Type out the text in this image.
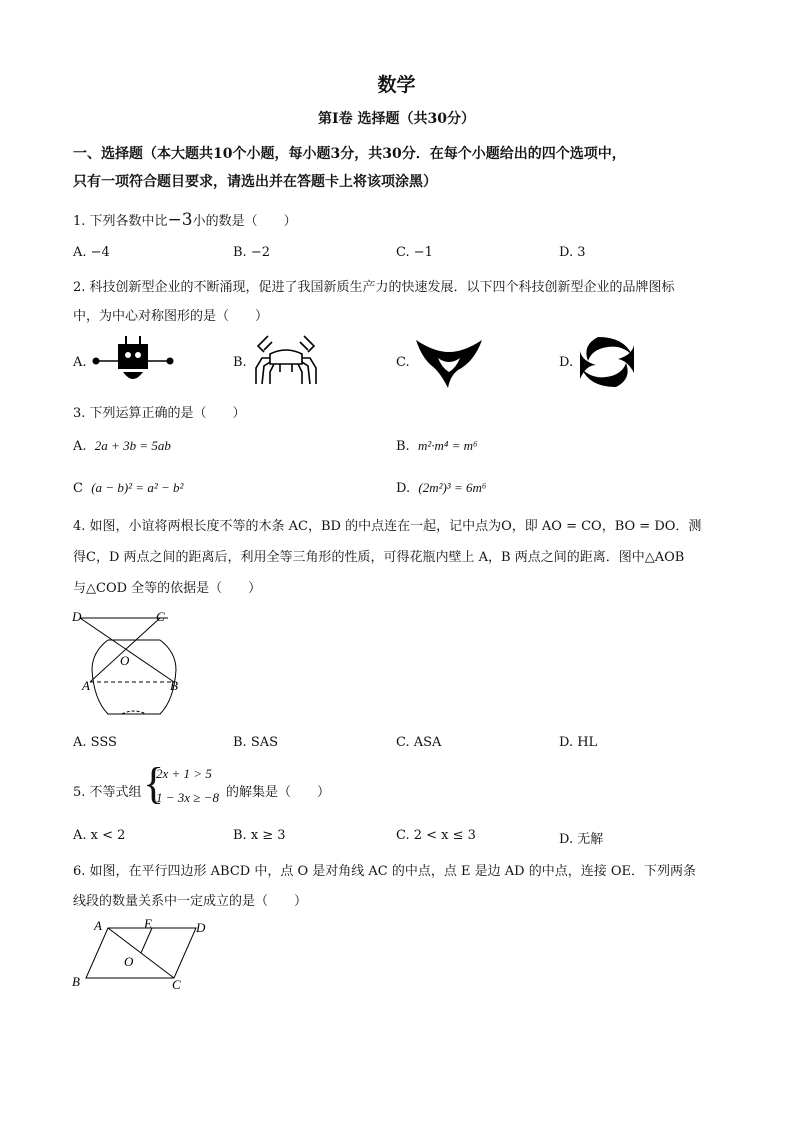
数学
第Ⅰ卷 选择题（共30分）
一、选择题（本大题共10个小题，每小题3分，共30分．在每个小题给出的四个选项中，
只有一项符合题目要求，请选出并在答题卡上将该项涂黑）
1. 下列各数中比−3小的数是（　　）
A. −4	B. −2	C. −1	D. 3
2. 科技创新型企业的不断涌现，促进了我国新质生产力的快速发展．以下四个科技创新型企业的品牌图标
中，为中心对称图形的是（　　）
A.	B.	C.	D.
3. 下列运算正确的是（　　）
A. 2a + 3b = 5ab	B. m²·m⁴ = m⁶
C (a − b)² = a² − b²	D. (2m²)³ = 6m⁶
4. 如图，小谊将两根长度不等的木条 AC，BD 的中点连在一起，记中点为O，即 AO = CO，BO = DO．测
得C，D 两点之间的距离后，利用全等三角形的性质，可得花瓶内壁上 A，B 两点之间的距离．图中△AOB
与△COD 全等的依据是（　　）
D	C
O
A	B
A. SSS	B. SAS	C. ASA	D. HL
5. 不等式组 {
2x + 1 > 5
1 − 3x ≥ −8 的解集是（　　）
A. x < 2	B. x ≥ 3	C. 2 < x ≤ 3	D. 无解
6. 如图，在平行四边形 ABCD 中，点 O 是对角线 AC 的中点，点 E 是边 AD 的中点，连接 OE．下列两条
线段的数量关系中一定成立的是（　　）
A	E	D
O
B	C
